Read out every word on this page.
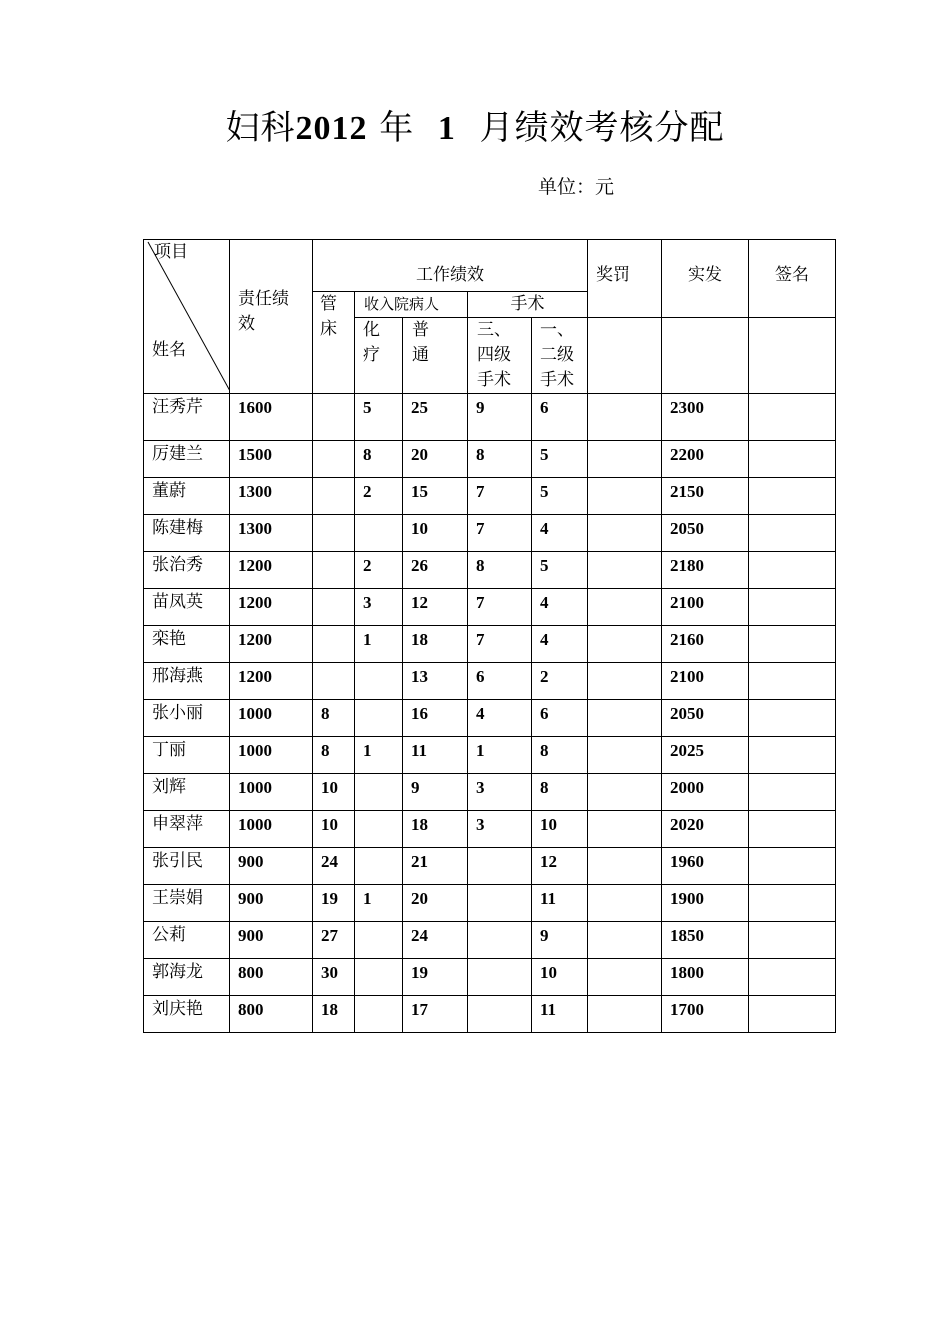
妇科2012 年 1 月绩效考核分配
单位：元
项目
姓名	责任绩效	工作绩效					奖罚	实发	签名

		管床	收入院病人		手术				

			化疗	普通	三、四级手术	一、二级手术			

汪秀芹	1600		5	25	9	6		2300	

厉建兰	1500		8	20	8	5		2200	

董蔚	1300		2	15	7	5		2150	

陈建梅	1300			10	7	4		2050	

张治秀	1200		2	26	8	5		2180	

苗凤英	1200		3	12	7	4		2100	

栾艳	1200		1	18	7	4		2160	

邢海燕	1200			13	6	2		2100	

张小丽	1000	8		16	4	6		2050	

丁丽	1000	8	1	11	1	8		2025	

刘辉	1000	10		9	3	8		2000	

申翠萍	1000	10		18	3	10		2020	

张引民	900	24		21		12		1960	

王崇娟	900	19	1	20		11		1900	

公莉	900	27		24		9		1850	

郭海龙	800	30		19		10		1800	

刘庆艳	800	18		17		11		1700	
